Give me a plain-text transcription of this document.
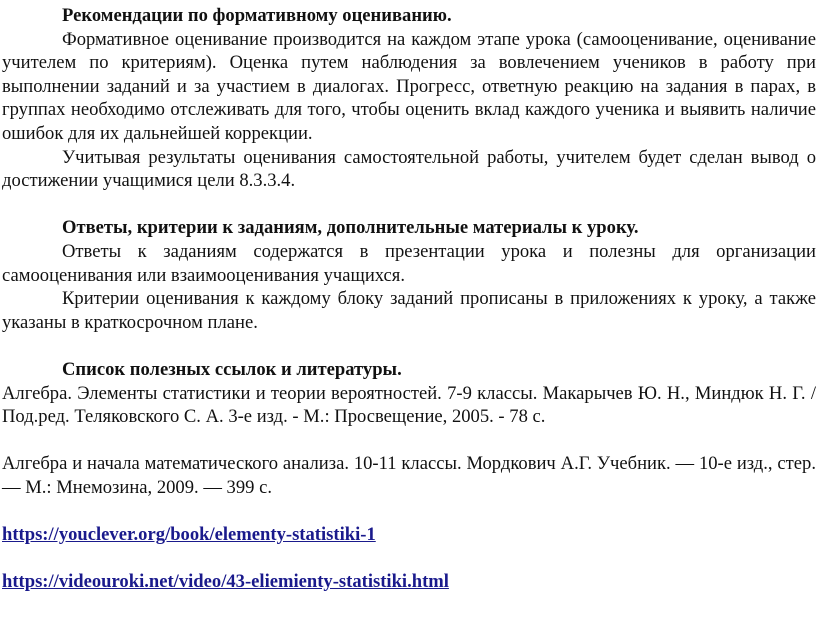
Рекомендации по формативному оцениванию.

Формативное оценивание производится на каждом этапе урока (самооценивание, оценивание учителем по критериям). Оценка путем наблюдения за вовлечением учеников в работу при выполнении заданий и за участием в диалогах. Прогресс, ответную реакцию на задания в парах, в группах необходимо отслеживать для того, чтобы оценить вклад каждого ученика и выявить наличие ошибок для их дальнейшей коррекции.

Учитывая результаты оценивания самостоятельной работы, учителем будет сделан вывод о достижении учащимися цели 8.3.3.4.

Ответы, критерии к заданиям, дополнительные материалы к уроку.

Ответы к заданиям содержатся в презентации урока и полезны для организации самооценивания или взаимооценивания учащихся.

Критерии оценивания к каждому блоку заданий прописаны в приложениях к уроку, а также указаны в краткосрочном плане.

Список полезных ссылок и литературы.

Алгебра. Элементы статистики и теории вероятностей. 7-9 классы. Макарычев Ю. Н., Миндюк Н. Г. / Под.ред. Теляковского С. А. 3-е изд. - М.: Просвещение, 2005. - 78 с.

Алгебра и начала математического анализа. 10-11 классы. Мордкович А.Г. Учебник. — 10-е изд., стер. — М.: Мнемозина, 2009. — 399 с.

https://youclever.org/book/elementy-statistiki-1
https://videouroki.net/video/43-eliemienty-statistiki.html
